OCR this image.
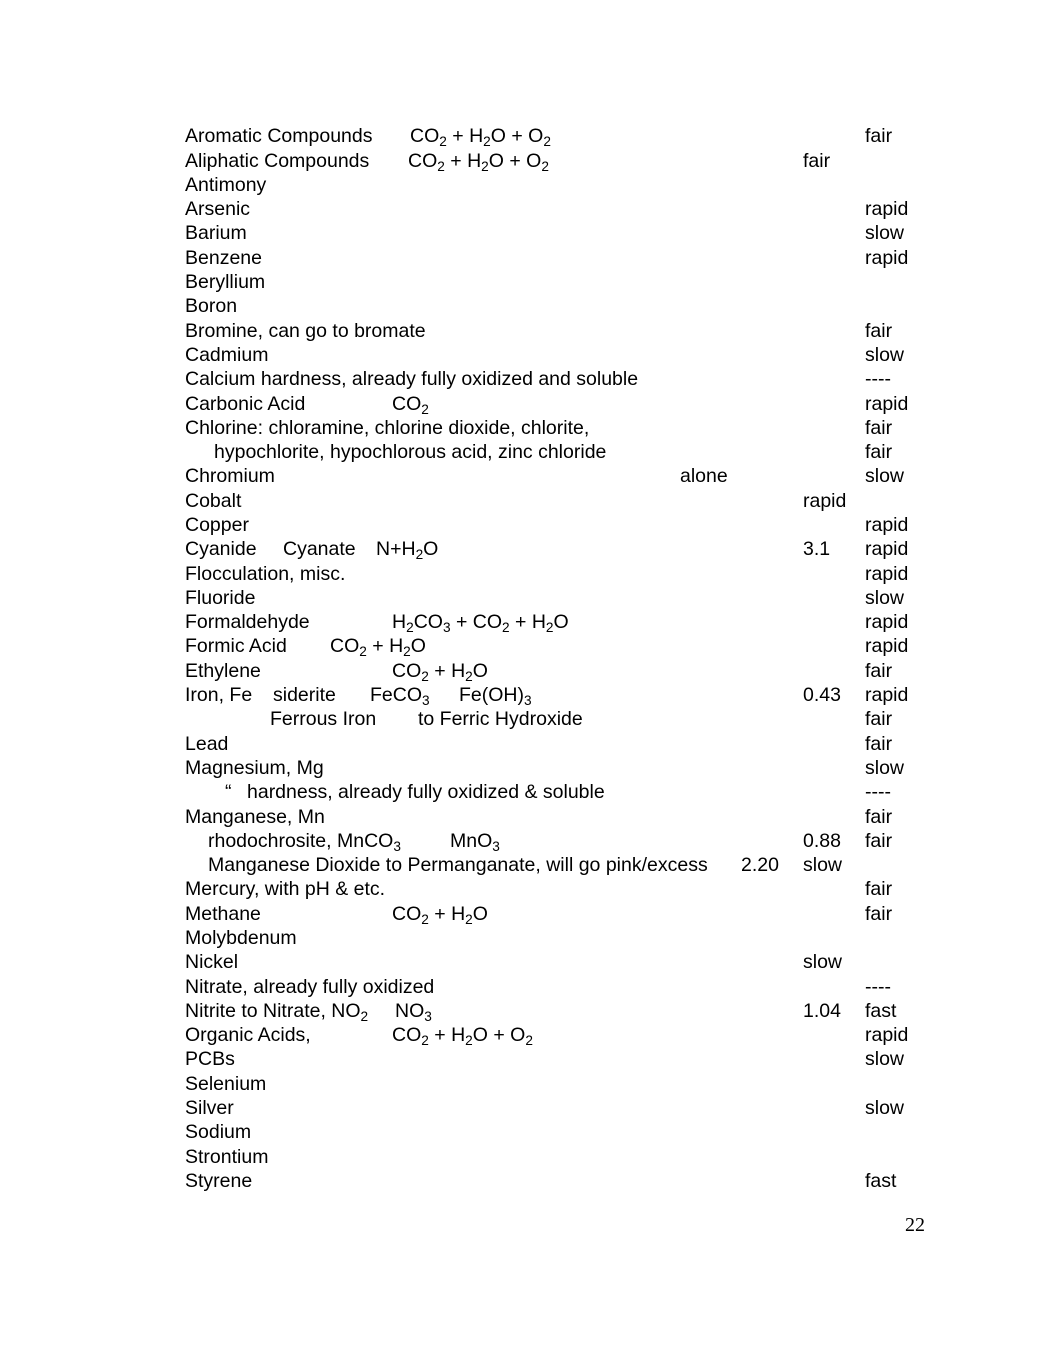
Aromatic Compounds $CO_2 + H_2O + O_2$	fair
Aliphatic Compounds $CO_2 + H_2O + O_2$	fair
Antimony
Arsenic	rapid
Barium	slow
Benzene	rapid
Beryllium
Boron
Bromine, can go to bromate	fair
Cadmium	slow
Calcium hardness, already fully oxidized and soluble	----
Carbonic Acid	$CO_2$	rapid
Chlorine: chloramine, chlorine dioxide, chlorite,	fair
hypochlorite, hypochlorous acid, zinc chloride	fair
Chromium	alone	slow
Cobalt	rapid
Copper	rapid
Cyanide Cyanate $N+H_2O$	3.1 rapid
Flocculation, misc.	rapid
Fluoride	slow
Formaldehyde	$H_2CO_3 + CO_2 + H_2O$	rapid
Formic Acid $CO_2 + H_2O$	rapid
Ethylene	$CO_2 + H_2O$	fair
Iron, Fe siderite FeCO$_3$ $Fe(OH)_3$	0.43 rapid
Ferrous Iron to Ferric Hydroxide	fair
Lead	fair
Magnesium, Mg	slow
“ hardness, already fully oxidized & soluble	----
Manganese, Mn	fair
rhodochrosite, MnCO$_3$	MnO$_3$	0.88 fair
Manganese Dioxide to Permanganate, will go pink/excess 2.20 slow
Mercury, with pH & etc.	fair
Methane	$CO_2 + H_2O$	fair
Molybdenum
Nickel	slow
Nitrate, already fully oxidized	----
Nitrite to Nitrate, $NO_2$ $NO_3$	1.04 fast
Organic Acids,	$CO_2 + H_2O + O_2$	rapid
PCBs	slow
Selenium
Silver	slow
Sodium
Strontium
Styrene	fast
22
